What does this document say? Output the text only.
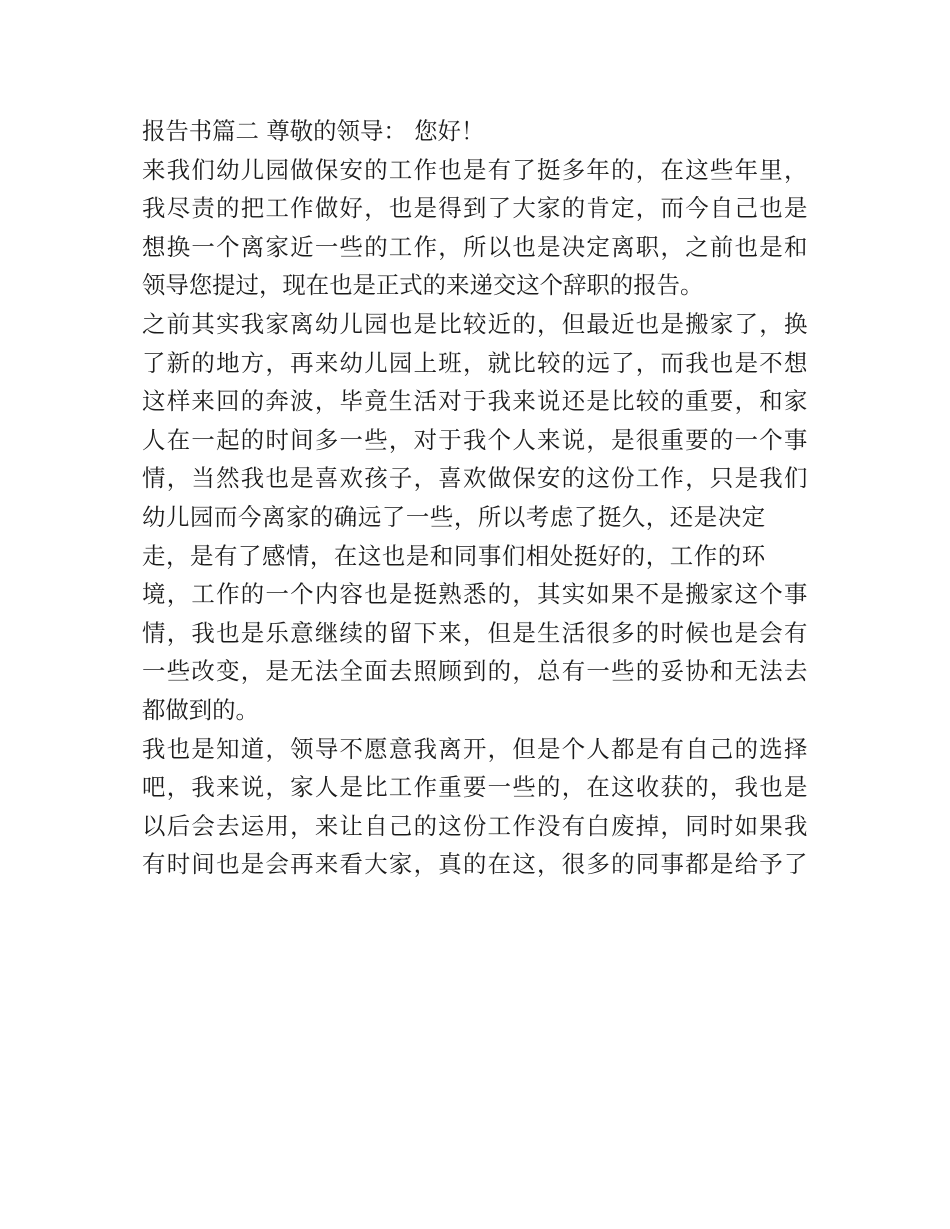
报告书篇二 尊敬的领导： 您好！
来我们幼儿园做保安的工作也是有了挺多年的，在这些年里，
我尽责的把工作做好，也是得到了大家的肯定，而今自己也是
想换一个离家近一些的工作，所以也是决定离职，之前也是和
领导您提过，现在也是正式的来递交这个辞职的报告。
之前其实我家离幼儿园也是比较近的，但最近也是搬家了，换
了新的地方，再来幼儿园上班，就比较的远了，而我也是不想
这样来回的奔波，毕竟生活对于我来说还是比较的重要，和家
人在一起的时间多一些，对于我个人来说，是很重要的一个事
情，当然我也是喜欢孩子，喜欢做保安的这份工作，只是我们
幼儿园而今离家的确远了一些，所以考虑了挺久，还是决定
走，是有了感情，在这也是和同事们相处挺好的，工作的环
境，工作的一个内容也是挺熟悉的，其实如果不是搬家这个事
情，我也是乐意继续的留下来，但是生活很多的时候也是会有
一些改变，是无法全面去照顾到的，总有一些的妥协和无法去
都做到的。
我也是知道，领导不愿意我离开，但是个人都是有自己的选择
吧，我来说，家人是比工作重要一些的，在这收获的，我也是
以后会去运用，来让自己的这份工作没有白废掉，同时如果我
有时间也是会再来看大家，真的在这，很多的同事都是给予了
